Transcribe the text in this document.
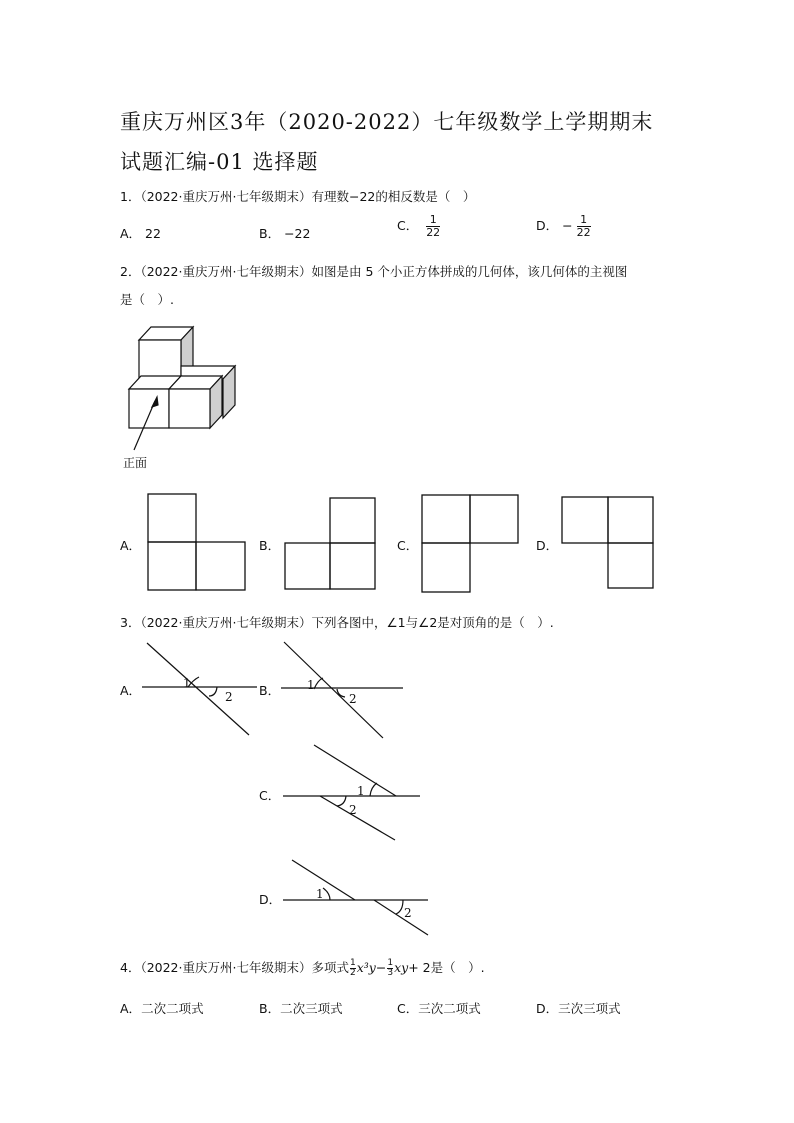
重庆万州区3年（2020-2022）七年级数学上学期期末
试题汇编-01 选择题
1．（2022·重庆万州·七年级期末）有理数−22的相反数是（　）
A． 22	B． −22
C． $\frac{1}{22}$	D． − $\frac{1}{22}$
2．（2022·重庆万州·七年级期末）如图是由 5 个小正方体拼成的几何体，该几何体的主视图
是（　）.
正面
A．	B．	C．	D．
3．（2022·重庆万州·七年级期末）下列各图中，∠1与∠2是对顶角的是（　）.
A．	B．
C．
D．
1
2
1
2
1
2
1
2
4．（2022·重庆万州·七年级期末）多项式 $\frac{1}{2}x^3y- \frac{1}{3}xy+ 2$是（　）.
A．二次二项式	B．二次三项式	C．三次二项式	D．三次三项式
